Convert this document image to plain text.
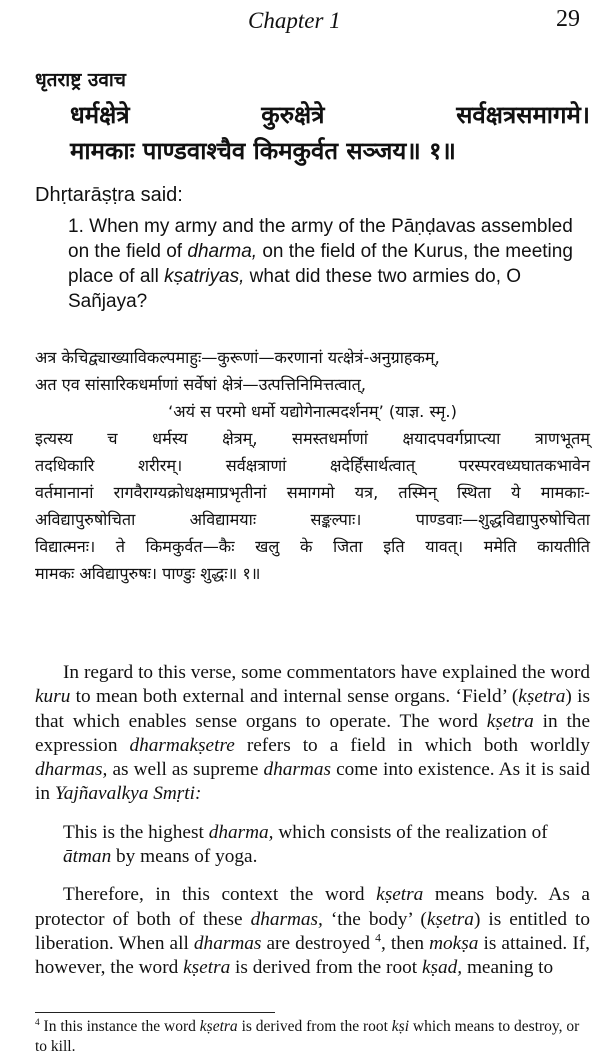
Chapter 1	29
धृतराष्ट्र उवाच
धर्मक्षेत्रे	कुरुक्षेत्रे	सर्वक्षत्रसमागमे।
मामकाः पाण्डवाश्चैव किमकुर्वत सञ्जय॥ १॥
Dhṛtarāṣṭra said:

1. When my army and the army of the Pāṇḍavas assembled on the field of dharma, on the field of the Kurus, the meeting place of all kṣatriyas, what did these two armies do, O Sañjaya?

अत्र केचिद्व्याख्याविकल्पमाहुः—कुरूणां—करणानां यत्क्षेत्रं-अनुग्राहकम्,

अत एव सांसारिकधर्माणां सर्वेषां क्षेत्रं—उत्पत्तिनिमित्तत्वात्,

‘अयं स परमो धर्मो यद्योगेनात्मदर्शनम्’ (याज्ञ. स्मृ.)

इत्यस्य च धर्मस्य क्षेत्रम्, समस्तधर्माणां क्षयादपवर्गप्राप्त्या त्राणभूतम्

तदधिकारि शरीरम्। सर्वक्षत्राणां क्षदेर्हिंसार्थत्वात् परस्परवध्यघातकभावेन

वर्तमानानां रागवैराग्यक्रोधक्षमाप्रभृतीनां समागमो यत्र, तस्मिन् स्थिता ये मामकाः-

अविद्यापुरुषोचिता अविद्यामयाः सङ्कल्पाः। पाण्डवाः—शुद्धविद्यापुरुषोचिता

विद्यात्मनः। ते किमकुर्वत—कैः खलु के जिता इति यावत्। ममेति कायतीति

मामकः अविद्यापुरुषः। पाण्डुः शुद्धः॥ १॥

In regard to this verse, some commentators have explained the word kuru to mean both external and internal sense organs. ‘Field’ (kṣetra) is that which enables sense organs to operate. The word kṣetra in the expression dharmakṣetre refers to a field in which both worldly dharmas, as well as supreme dharmas come into existence. As it is said in Yajñavalkya Smṛti:

This is the highest dharma, which consists of the realization of ātman by means of yoga.

Therefore, in this context the word kṣetra means body. As a protector of both of these dharmas, ‘the body’ (kṣetra) is entitled to liberation. When all dharmas are destroyed $^4$, then mokṣa is attained. If, however, the word kṣetra is derived from the root kṣad, meaning to

$^4$ In this instance the word kṣetra is derived from the root kṣi which means to destroy, or to kill.
